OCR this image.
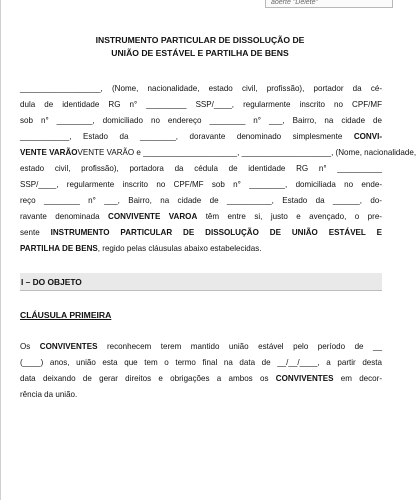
aoerte "Delete"
INSTRUMENTO PARTICULAR DE DISSOLUÇÃO DE
UNIÃO DE ESTÁVEL E PARTILHA DE BENS
__________________, (Nome, nacionalidade, estado civil, profissão), portador da cé-
dula de identidade RG n° _________ SSP/____, regularmente inscrito no CPF/MF
sob n° ________, domiciliado no endereço ________ n° ___, Bairro, na cidade de
___________, Estado da ________, doravante denominado simplesmente CONVI-
VENTE VARÃOVENTE VARÃO e _____________________, ____________________, (Nome, nacionalidade,
estado civil, profissão), portadora da cédula de identidade RG n° __________
SSP/____, regularmente inscrito no CPF/MF sob n° ________, domiciliada no ende-
reço ________ n° ___, Bairro, na cidade de __________, Estado da ______, do-
ravante denominada CONVIVENTE VAROA têm entre si, justo e avençado, o pre-
sente INSTRUMENTO PARTICULAR DE DISSOLUÇÃO DE UNIÃO ESTÁVEL E
PARTILHA DE BENS, regido pelas cláusulas abaixo estabelecidas.
I – DO OBJETO
CLÁUSULA PRIMEIRA
Os CONVIVENTES reconhecem terem mantido união estável pelo período de __
(____) anos, união esta que tem o termo final na data de __/__/____, a partir desta
data deixando de gerar direitos e obrigações a ambos os CONVIVENTES em decor-
rência da união.
